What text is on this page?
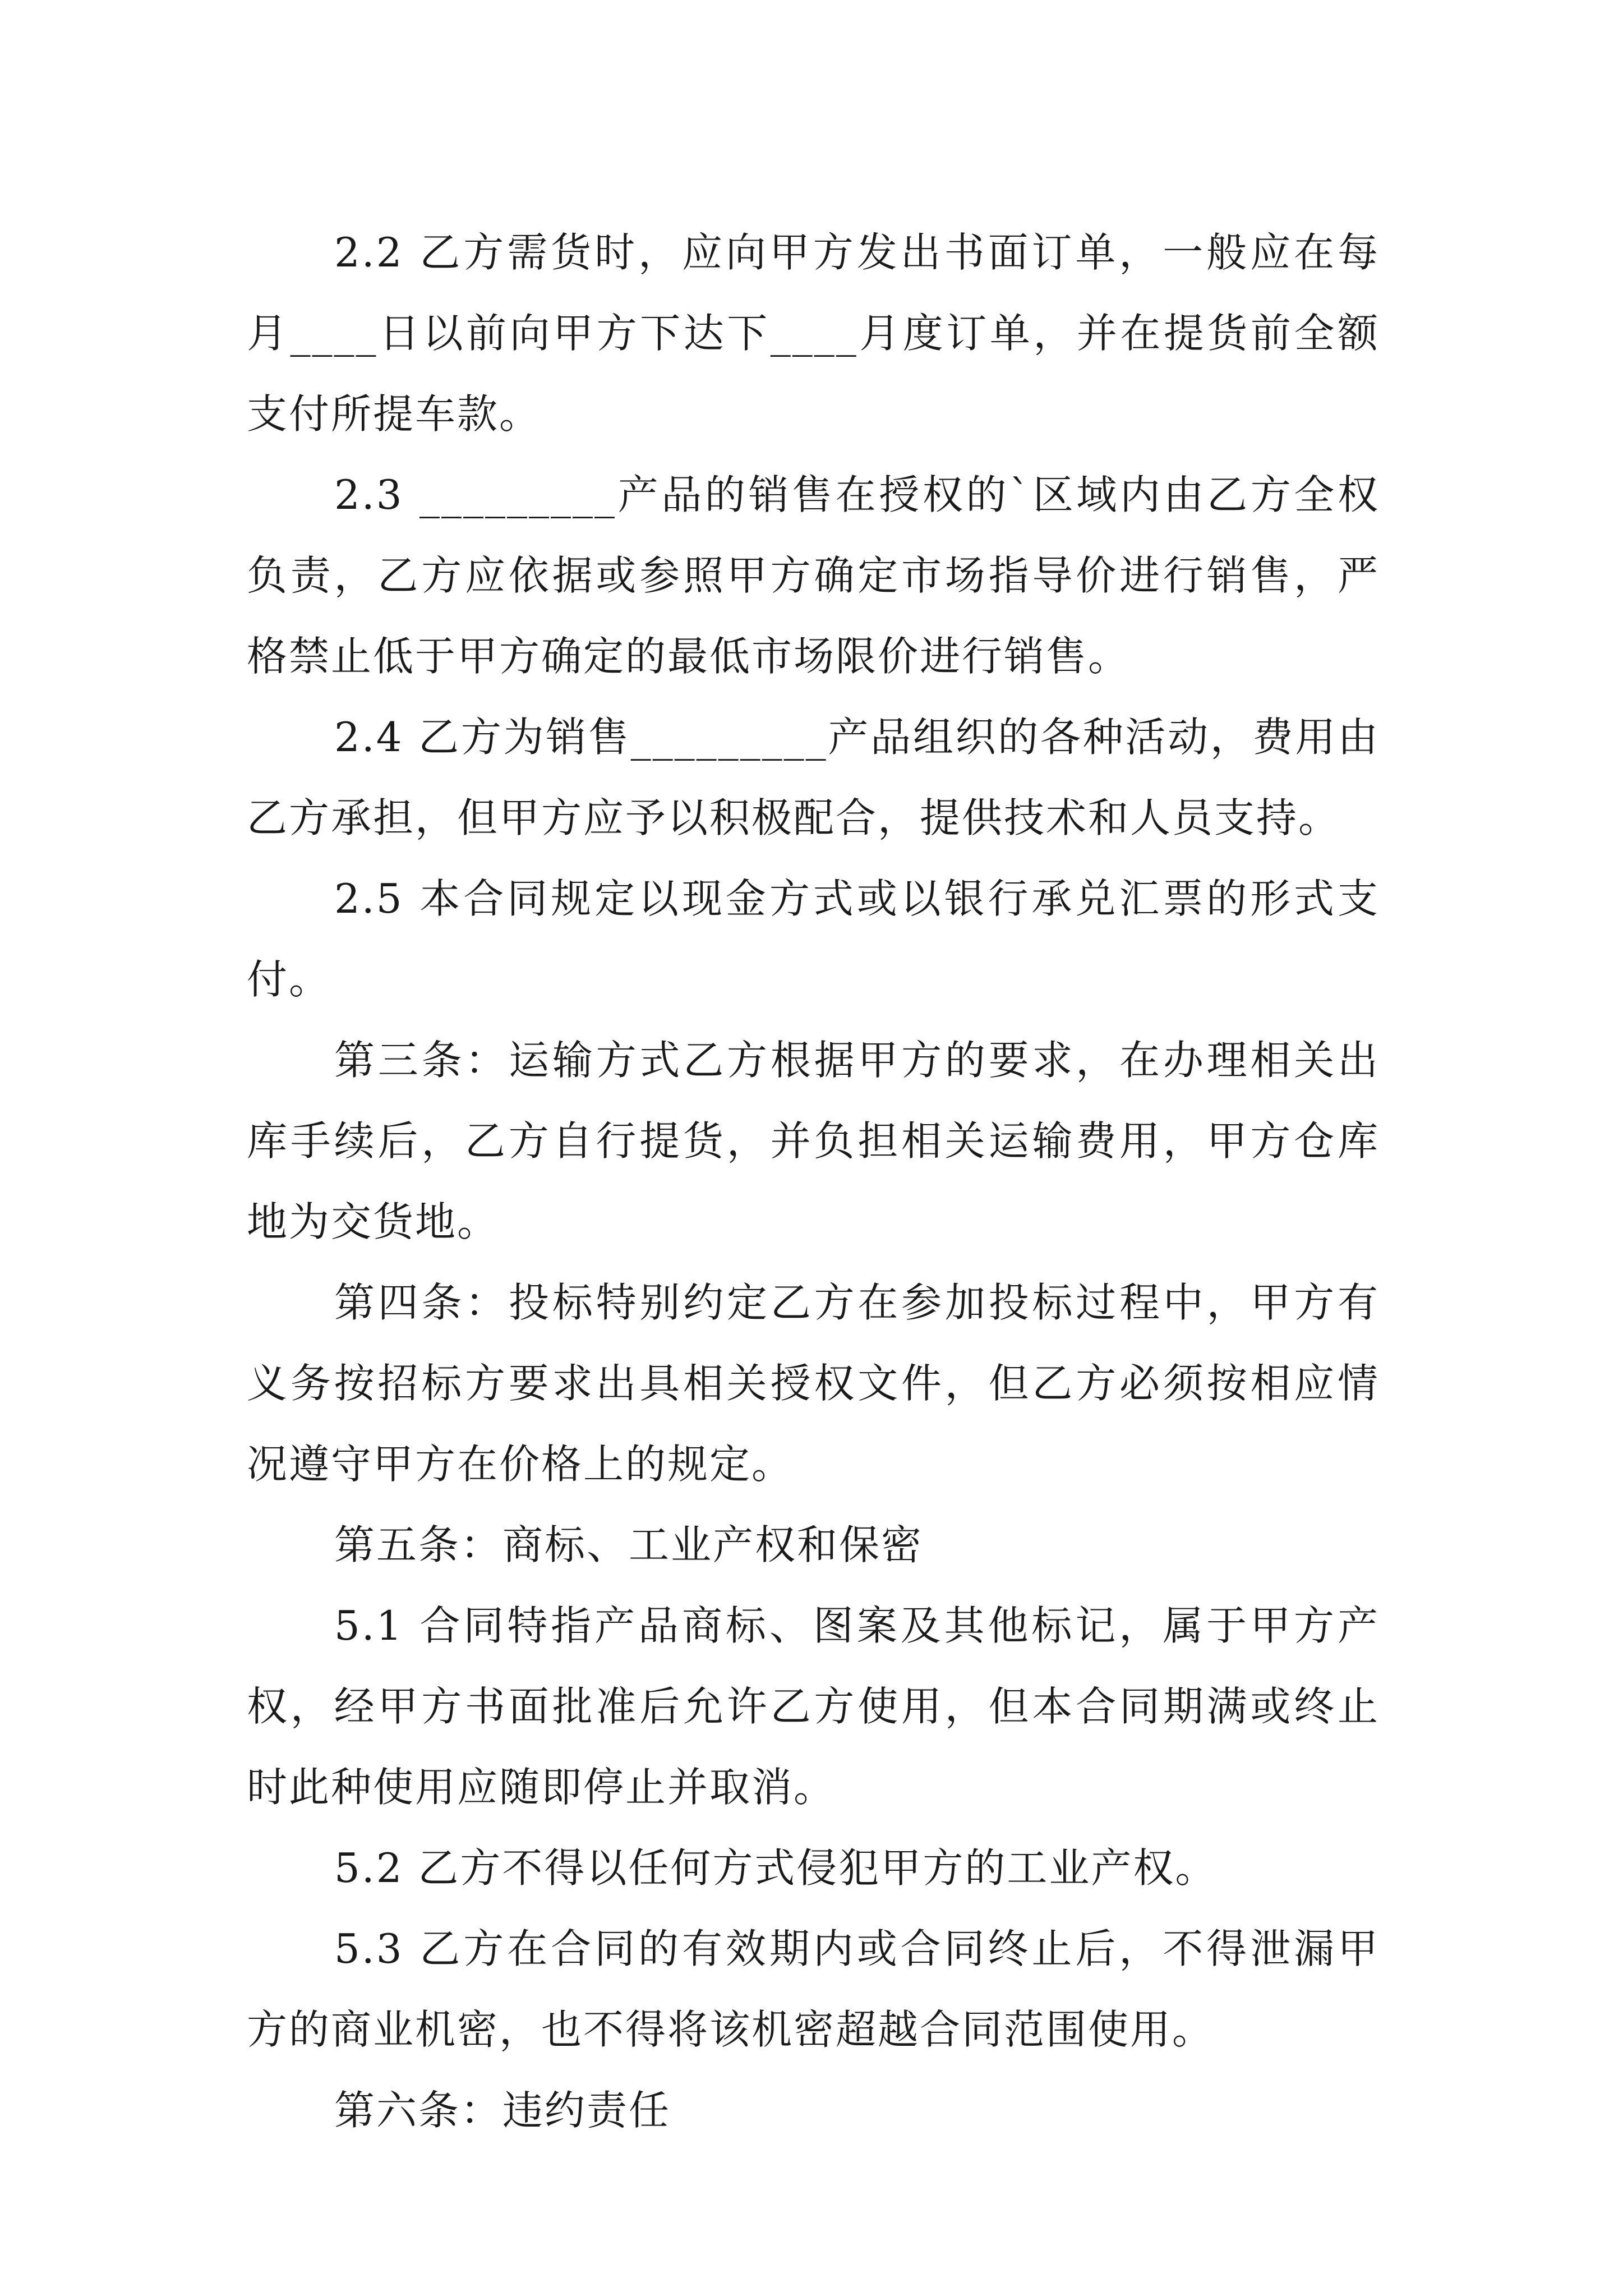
2.2 乙方需货时，应向甲方发出书面订单，一般应在每月____日以前向甲方下达下____月度订单，并在提货前全额支付所提车款。

2.3 _________产品的销售在授权的`区域内由乙方全权负责，乙方应依据或参照甲方确定市场指导价进行销售，严格禁止低于甲方确定的最低市场限价进行销售。

2.4 乙方为销售_________产品组织的各种活动，费用由乙方承担，但甲方应予以积极配合，提供技术和人员支持。

2.5 本合同规定以现金方式或以银行承兑汇票的形式支付。

第三条：运输方式乙方根据甲方的要求，在办理相关出库手续后，乙方自行提货，并负担相关运输费用，甲方仓库地为交货地。

第四条：投标特别约定乙方在参加投标过程中，甲方有义务按招标方要求出具相关授权文件，但乙方必须按相应情况遵守甲方在价格上的规定。

第五条：商标、工业产权和保密

5.1 合同特指产品商标、图案及其他标记，属于甲方产权，经甲方书面批准后允许乙方使用，但本合同期满或终止时此种使用应随即停止并取消。

5.2 乙方不得以任何方式侵犯甲方的工业产权。

5.3 乙方在合同的有效期内或合同终止后，不得泄漏甲方的商业机密，也不得将该机密超越合同范围使用。

第六条：违约责任
